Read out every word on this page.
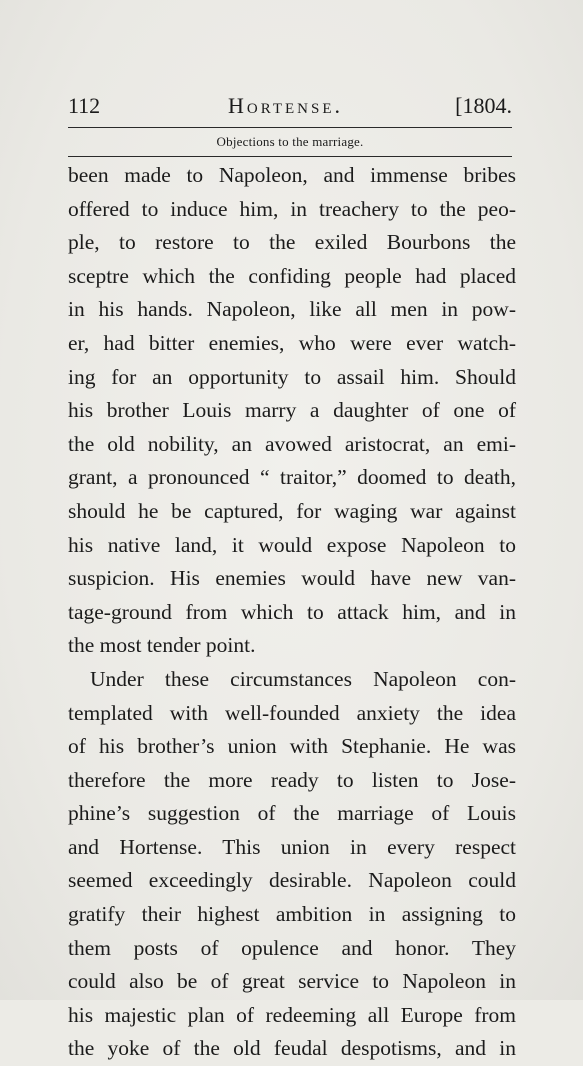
112	Hortense.	[1804.
Objections to the marriage.
been made to Napoleon, and immense bribes
offered to induce him, in treachery to the peo-
ple, to restore to the exiled Bourbons the
sceptre which the confiding people had placed
in his hands. Napoleon, like all men in pow-
er, had bitter enemies, who were ever watch-
ing for an opportunity to assail him. Should
his brother Louis marry a daughter of one of
the old nobility, an avowed aristocrat, an emi-
grant, a pronounced “ traitor,” doomed to death,
should he be captured, for waging war against
his native land, it would expose Napoleon to
suspicion. His enemies would have new van-
tage-ground from which to attack him, and in
the most tender point.
Under these circumstances Napoleon con-
templated with well-founded anxiety the idea
of his brother’s union with Stephanie. He was
therefore the more ready to listen to Jose-
phine’s suggestion of the marriage of Louis
and Hortense. This union in every respect
seemed exceedingly desirable. Napoleon could
gratify their highest ambition in assigning to
them posts of opulence and honor. They
could also be of great service to Napoleon in
his majestic plan of redeeming all Europe from
the yoke of the old feudal despotisms, and in
